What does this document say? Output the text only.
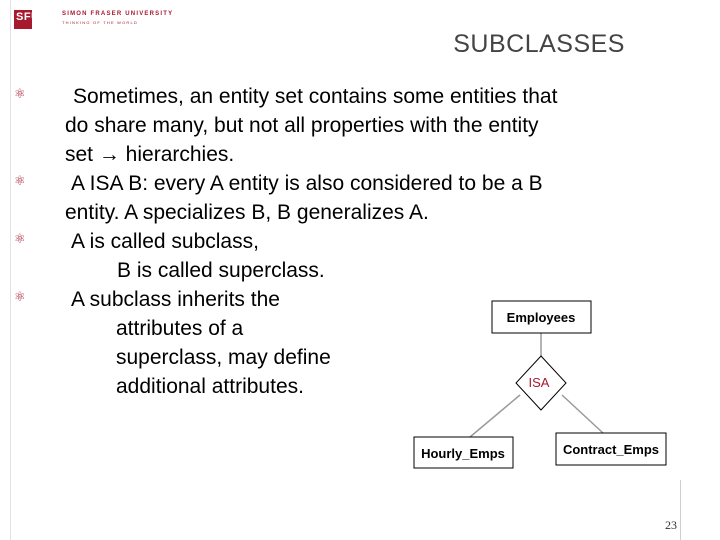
SFU	SIMON FRASER UNIVERSITY
THINKING OF THE WORLD
SUBCLASSES
⚛ Sometimes, an entity set contains some entities that
do share many, but not all properties with the entity
set → hierarchies.
⚛ A ISA B: every A entity is also considered to be a B
entity. A specializes B, B generalizes A.
⚛ A is called subclass,
B is called superclass.
⚛ A subclass inherits the
attributes of a
superclass, may define
additional attributes.
Employees
ISA
Hourly_Emps	Contract_Emps
23
